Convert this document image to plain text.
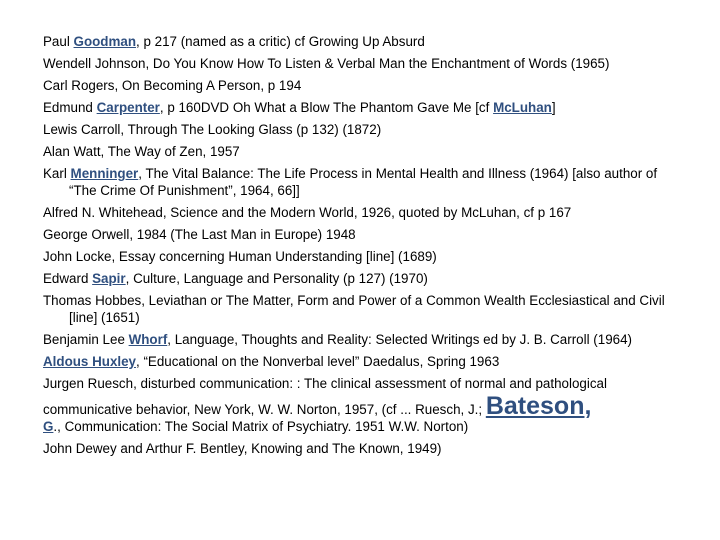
Paul Goodman, p 217 (named as a critic) cf Growing Up Absurd
Wendell Johnson, Do You Know How To Listen & Verbal Man the Enchantment of Words (1965)
Carl Rogers, On Becoming A Person, p 194
Edmund Carpenter, p 160DVD Oh What a Blow The Phantom Gave Me [cf McLuhan]
Lewis Carroll, Through The Looking Glass (p 132) (1872)
Alan Watt, The Way of Zen, 1957
Karl Menninger, The Vital Balance: The Life Process in Mental Health and Illness (1964) [also author of “The Crime Of Punishment”, 1964, 66]]
Alfred N. Whitehead, Science and the Modern World, 1926, quoted by McLuhan, cf p 167
George Orwell, 1984 (The Last Man in Europe) 1948
John Locke, Essay concerning Human Understanding [line] (1689)
Edward Sapir, Culture, Language and Personality (p 127) (1970)
Thomas Hobbes, Leviathan or The Matter, Form and Power of a Common Wealth Ecclesiastical and Civil [line] (1651)
Benjamin Lee Whorf, Language, Thoughts and Reality: Selected Writings ed by J. B. Carroll (1964)
Aldous Huxley, “Educational on the Nonverbal level” Daedalus, Spring 1963
Jurgen Ruesch, disturbed communication: : The clinical assessment of normal and pathological
communicative behavior, New York, W. W. Norton, 1957, (cf ... Ruesch, J.; Bateson,
G., Communication: The Social Matrix of Psychiatry. 1951 W.W. Norton)
John Dewey and Arthur F. Bentley, Knowing and The Known, 1949)
